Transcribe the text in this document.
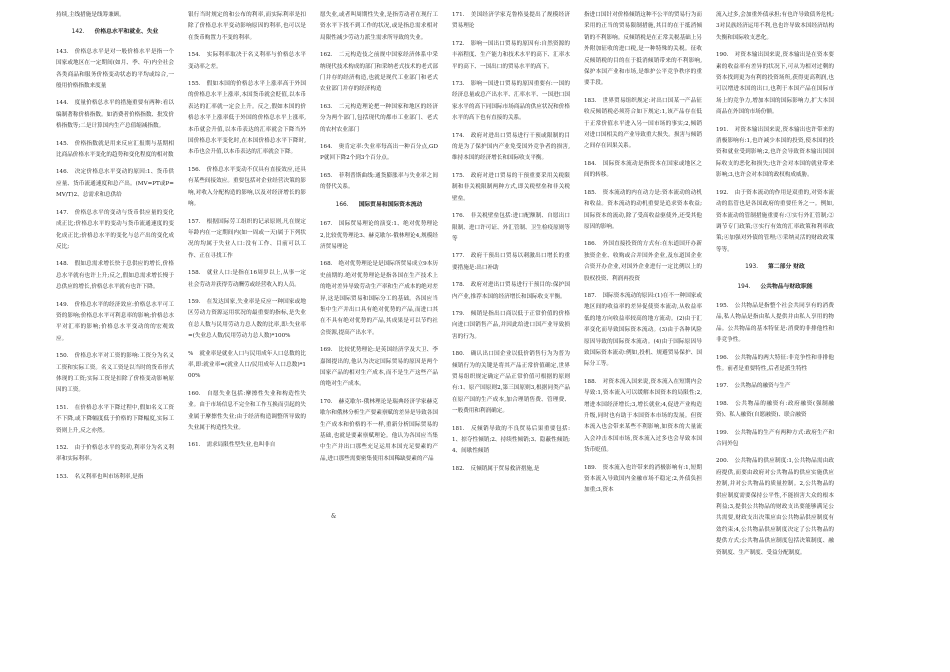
持续,主线措施是线筹兼顾。
142. 价格总水平和就业、失业
143. 价格总水平是对一般价格水平是指一个国家或地区在一定期间(如月、季、年)内全社会各类商品和服务价格变动状态的平均或综合,一般用价格指数来度量
144. 度量价格总水平的措施重要有两种:看以编制著称价格指数。如消费者价格指数、批发价格指数等;二是计算国内生产总值缩减指数。
145. 价格指数就是用来反应汇报期与基期相比商品价格水平变化的趋势和变化程度的相对数
146. 决定价格总水平变动的原因:1、货币供应量、货币流通速度和总产出。(MV=PT或P=MV/T)2、总需求和总供给
147. 价格总水平的变动与货币供应量的变化成正比;价格总水平的变动与货币流通速度的变化成正比;价格总水平的变化与总产出的变化成反比;
148. 假如总需求增长快于总供应的增长,价格总水平就有也许上升;反之,假如总需求增长慢于总供应的增长,价格总水平就有也许下降。
149. 价格总水平的经济效应:价格总水平可工资的影响;价格总水平可利息率的影响;价格总水平对汇率的影响;价格总水平变动的的宏观效应。
150. 价格总水平对工资的影响:工资分为名义工资和实际工资。名义工资是以当时的货币形式体现的工资;实际工资是扣除了价格变动影响原因的工资。
151. 在价格总水平下降过程中,假如名义工资不下降,或下降幅度低于价格的下降幅度,实际工资则上升,反之亦然。
152. 由于价格总水平的变动,利率分为名义利率和实际利率。
153. 名义利率也叫市场利率,是指
银行当时规定的和公布的利率,而实际利率是扣除了价格总水平变动影响原因的利率,也可以是在货币购置力不变的利率。
154. 实际利率取决于名义利率与价格总水平变动率之差。
155. 假如本国的价格总水平上涨率高于外国的价格总水平上涨率,本国货币就会贬值,以本币表达的汇率就一定会上升。反之,假如本国的价格总水平上涨率低于外国的价格总水平上涨率,本币就会升值,以本币表达的汇率就会下降当外国价格总水平变化时,在本国价格总水平下降时,本币也会升值,以本币表达的汇率就会下降。
156. 价格总水平变动不仅具有直接效应,还具有某些间接效应。重要包括对企业经营决策的影响,对收入分配构造的影响,以及对经济增长的影响。
157. 根据国际劳工组织的记录原则,凡在规定年龄内在一定期间内(如一周或一天)属于下列状况的均属于失业人口:没有工作、目前可以工作、正在寻找工作
158. 就业人口:是指在16周岁以上,从事一定社会劳动并获得劳动酬劳或经营收入的人员。
159. 在发达国家,失业率是反应一种国家或地区劳动力资源运用状况的最重要的指标,是失业在总人数与民用劳动力总人数的比率,即:失业率=(失业总人数/民用劳动力总人数)*100%
% 就业率是就业人口与民用成年人口总数的比率,即:就业率=(就业人口/民用成年人口总数)*100%
160. 自愿失业包括:摩擦性失业和构造性失业。由于市场信息不完全和工作互换而引起的失业属于摩擦性失业;由于经济构造调整所导致的失业属于构造性失业。
161. 需求局限性型失业,也叫非自
愿失业,或者叫周期性失业,是指劳动者在现行工资水平下找不到工作的状况,或是指总需求相对局限性减少劳动力派生需求所导致的失业。
162. 二元构造伎之前规中国家经济体系中采纳现代技术构成的部门和采纳老式技术的老式部门并存的经济构造,也就是现代工业部门和老式农业部门并存的经济构造
163. 二元构造理论把一种国家和地区的经济分为两个部门,包括现代的都市工业部门、老式的农村农业部门
164. 奥肯定率:失业率每高出一种百分点,GDP就回下降2个到3个百分点。
165. 菲利普斯曲线:通货膨胀率与失业率之间的替代关系。
166. 国际贸易和国际资本流动
167. 国际贸易理论的演变:1、绝对优势理论2,比较优势理论3、赫克歇尔-俄林理论4,规模经济贸易理论
168. 绝对优势理论是是国际所贸易成立9本历史前期的.绝对优势理论是指各国在生产技术上的绝对差异导致劳动生产率和生产成本的绝对差异,这是国际贸易和国际分工的基础。各国应当集中生产并出口具有绝对优势的产品,而进口其在不具有绝对优势的产品,其成果是可以节约社会资源,提高产出水平。
169. 比较优势理论:是英国经济学及大卫、李嘉图提出的,他认为决定国际贸易的原因是两个国家产品的相对生产成本,而不是生产这些产品的绝对生产成本。
170. 赫克歇尔-俄林理论是瑞典经济学家赫克歇尔和俄林分析生产要素禀赋的差异是导致各国生产成本和价格的不一样,重新分析国际贸易的基础,也就是要素禀赋理论。他认为各国应当集中生产并出口那些充足运用本国充足要素的产品,进口那些需要密集使用本国稀缺要素的产品
171. 美国经济学家克鲁格曼提出了规模经济贸易理论
172. 影响一国出口贸易的原因有:自然资源的丰裕程度、生产能力和技术水平的高下、汇率水平的高下、一国出口的贸易水平的高下。
173. 影响一国进口贸易的原因重要有:一国的经济总量或总产出水平、汇率水平、一国进口国家水平的高下同国际市场商品的供应状况和价格水平的高下也有直接的关系。
174. 政府对进出口贸易进行干预或限制的目的是为了保护国内产业免受国外竞争者的损害,维持本国的经济增长和国际收支平衡。
175. 政府对进口贸易的干预重要采用关税限制和非关税限制两种方式,即关税壁垒和非关税壁垒。
176. 非关税壁垒包括:进口配额制、自愿出口限制、进口许可证、外汇管制、卫生检疫原则等等
177. 政府干预出口贸易以刺激出口增长的重要措施是:出口补助
178. 政府对进出口贸易进行干预目的:保护国内产业,推荐本国的经济增长和国际收支平衡。
179. 倾销是指出口商以低于正常价值的价格向进口国销售产品,并因此给进口国产业导致损害的行为。
180. 确认出口国企业以低价销售行为为普为倾销行为的关键是将其产品正常价值确定,世界贸易组织规定确定产品正常价值可根据的原则有:1、原产国原则2,第三国原则3,根据同类产品在原产国的生产成本,加合理销售费、管理费、一般费用和利润确定。
181. 反倾销导致的不良贸易后果重要包括:1、掠夺性倾销;2、持续性倾销;3、隐蔽性倾销;4、间歇性倾销
182. 反倾销属于贸易救济措施,是
指进口国针对价格倾销这种不公平的贸易行为而采用的正当的贸易限制措施,其目的在于抵消倾销的不利影响。反倾销税是在正常关税基础上另外附加征收的进口税,是一种特殊的关税。征收反倾销税的目的在于抵消倾销带来的不利影响,保护本国产业和市场,是维护公平竞争秩序的重要手段。
183. 世界贸易组织规定:对出口国某一产品征收反倾销税必须符合如下规定:1,该产品存在低于正常价值水平进入另一国市场的事实;2,倾销对进口国相关的产业导致重大损失。损害与倾销之间存在因果关系。
184. 国际资本流动是指资本在国家或地区之间的转移。
185. 资本流动的内在动力是:资本流动的动机和收益。资本流动的动机重要是追求资本收益;国际资本的流动,除了受高收益驱使外,还受其他原因的影响。
186. 外国直接投资的方式有:在东道国开办新独资企业、收购或合并国外企业,及东道国企业合资开办企业,对国外企业进行一定比例以上的股权投资、利润再投资
187. 国际资本流动的原因:(1)在不一种国家或地区间的收益率的差异促使资本流动,从收益率低的地方向收益率较高的地方流动。(2)由于汇率变化而导致国际资本流动。(3)由于各种风险原因导致的国际资本流动。(4)由于国际原因导致国际资本流动:例如,投机、规避贸易保护、国际分工等。
188. 对资本流入国来说,资本流入在短期内会导致:1,资本流入可以缓解本国资本的局限性;2,增进本国经济增长;3,增长就业;4,促进产业构造升级,同时也有助于本国资本市场的发展。但资本流入也会带来某些不利影响,如资本的大量流入会冲击本国市场,资本流入过多也会导致本国货币贬值。
189. 资本流入也许带来的消极影响有:1,短期资本流入导致国内金融市场不稳定;2,外债负担加重;3,资本
流入过多,会加重外债承担;有也许导致债务危机;3对民族经济运用不利,也也许导致本国经济结构失衡和国际收支恶化。
190. 对资本输出国来说,资本输出是在资本要素的收益率有差异的状况下,可从为相对过剩的资本找到更为有利的投资场所,获得更高利润,也可以增进本国的出口,也利于本国产品在国际市场上的竞争力,增加本国的国际影响力,扩大本国商品在外国的市场份额。
191. 对资本输出国来说,资本输出也许带来的消极影响有:1,也许减少本国的投资,使本国的投资和就业受到影响;2,也许会导致资本输出国国际收支的恶化和损失;也许会对本国的就业带来影响;3,也许会对本国的政权构成威胁。
192. 由于资本流动的作用是双重的,对资本流动的监管也是各国政府的重要任务之一。例如,资本流动的管制措施重要有:①实行外汇管制;②调节专门政策;③实行有效的汇率政策和利率政策;④加强对外债的管理;⑤采纳灵活的财政政策等等。
193. 第二部分 财政
194. 公共物品与财政职能
195. 公共物品是指整个社会共同享有的消费品,私人物品是指由私人提供并由私人享用的物品。公共物品的基本特征是:消费的非排他性和非竞争性。
196. 公共物品的两大特征:非竞争性和非排他性。前者是重要特性,后者是派生特性
197. 公共物品的融资与生产
198. 公共物品的融资有:政府融资(强制融资)、私人融资(自愿融资)、联合融资
199. 公共物品的生产有两种方式:政府生产和合同外包
200. 公共物品的供应制度:1,公共物品需由政府提供,而要由政府对公共物品的供应实施供应控制,并对公共物品的质量控制。2,公共物品的供应制度需要保持公平性,不能损害大众的根本利益;3,提供公共物品的财政支出要能够满足公共需要,财政支出决策应由公共物品供应制度有效约束;4,公共物品供应制度决定了公共物品的提供方式;公共物品供应制度包括决策制度、融资制度、生产制度、受益分配制度。
&
